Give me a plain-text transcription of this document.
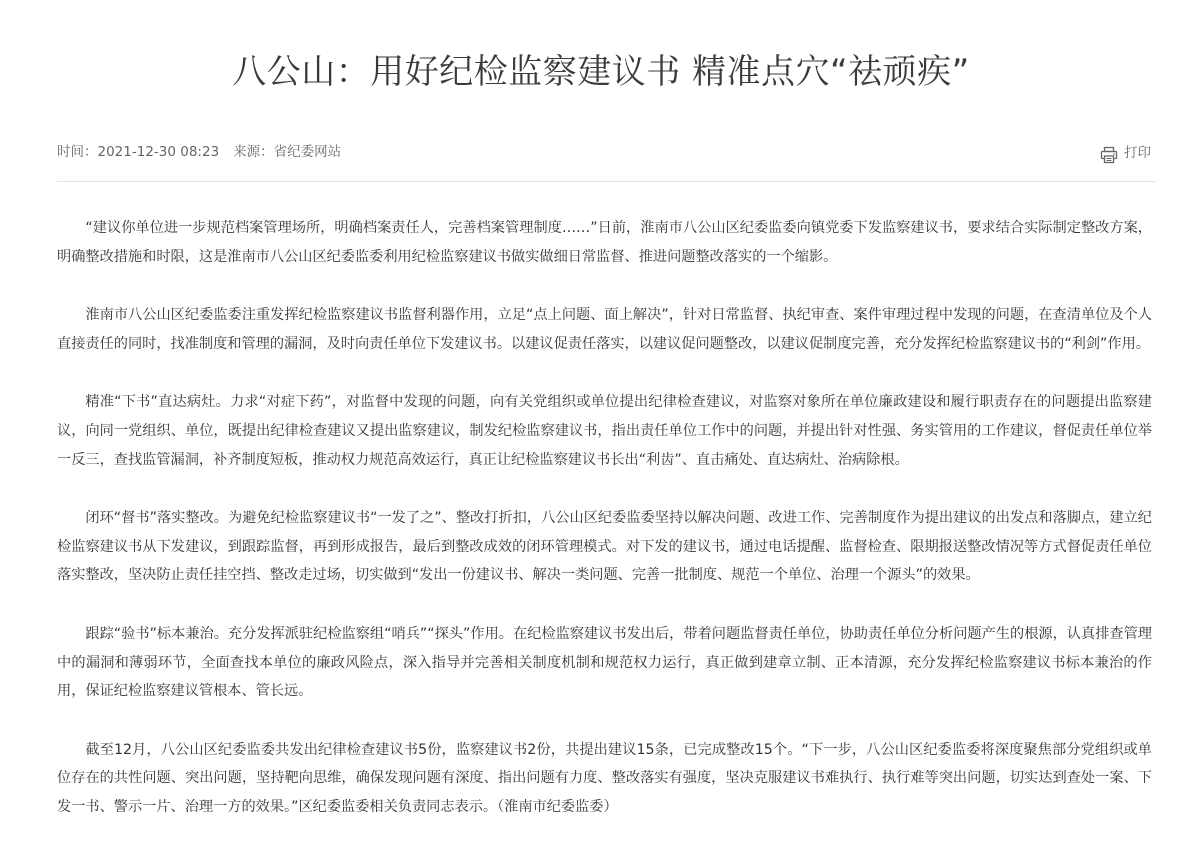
八公山：用好纪检监察建议书 精准点穴“祛顽疾”
时间：2021-12-30 08:23 来源：省纪委网站	打印

“建议你单位进一步规范档案管理场所，明确档案责任人，完善档案管理制度……”日前，淮南市八公山区纪委监委向镇党委下发监察建议书，要求结合实际制定整改方案，明确整改措施和时限，这是淮南市八公山区纪委监委利用纪检监察建议书做实做细日常监督、推进问题整改落实的一个缩影。

淮南市八公山区纪委监委注重发挥纪检监察建议书监督利器作用，立足“点上问题、面上解决”，针对日常监督、执纪审查、案件审理过程中发现的问题，在查清单位及个人直接责任的同时，找准制度和管理的漏洞，及时向责任单位下发建议书。以建议促责任落实，以建议促问题整改，以建议促制度完善，充分发挥纪检监察建议书的“利剑”作用。

精准“下书”直达病灶。力求“对症下药”，对监督中发现的问题，向有关党组织或单位提出纪律检查建议，对监察对象所在单位廉政建设和履行职责存在的问题提出监察建议，向同一党组织、单位，既提出纪律检查建议又提出监察建议，制发纪检监察建议书，指出责任单位工作中的问题，并提出针对性强、务实管用的工作建议，督促责任单位举一反三，查找监管漏洞，补齐制度短板，推动权力规范高效运行，真正让纪检监察建议书长出“利齿”、直击痛处、直达病灶、治病除根。

闭环“督书”落实整改。为避免纪检监察建议书“一发了之”、整改打折扣，八公山区纪委监委坚持以解决问题、改进工作、完善制度作为提出建议的出发点和落脚点，建立纪检监察建议书从下发建议，到跟踪监督，再到形成报告，最后到整改成效的闭环管理模式。对下发的建议书，通过电话提醒、监督检查、限期报送整改情况等方式督促责任单位落实整改，坚决防止责任挂空挡、整改走过场，切实做到“发出一份建议书、解决一类问题、完善一批制度、规范一个单位、治理一个源头”的效果。

跟踪“验书”标本兼治。充分发挥派驻纪检监察组“哨兵”“探头”作用。在纪检监察建议书发出后，带着问题监督责任单位，协助责任单位分析问题产生的根源，认真排查管理中的漏洞和薄弱环节，全面查找本单位的廉政风险点，深入指导并完善相关制度机制和规范权力运行，真正做到建章立制、正本清源，充分发挥纪检监察建议书标本兼治的作用，保证纪检监察建议管根本、管长远。

截至12月，八公山区纪委监委共发出纪律检查建议书5份，监察建议书2份，共提出建议15条，已完成整改15个。“下一步，八公山区纪委监委将深度聚焦部分党组织或单位存在的共性问题、突出问题，坚持靶向思维，确保发现问题有深度、指出问题有力度、整改落实有强度，坚决克服建议书难执行、执行难等突出问题，切实达到查处一案、下发一书、警示一片、治理一方的效果。”区纪委监委相关负责同志表示。（淮南市纪委监委）
